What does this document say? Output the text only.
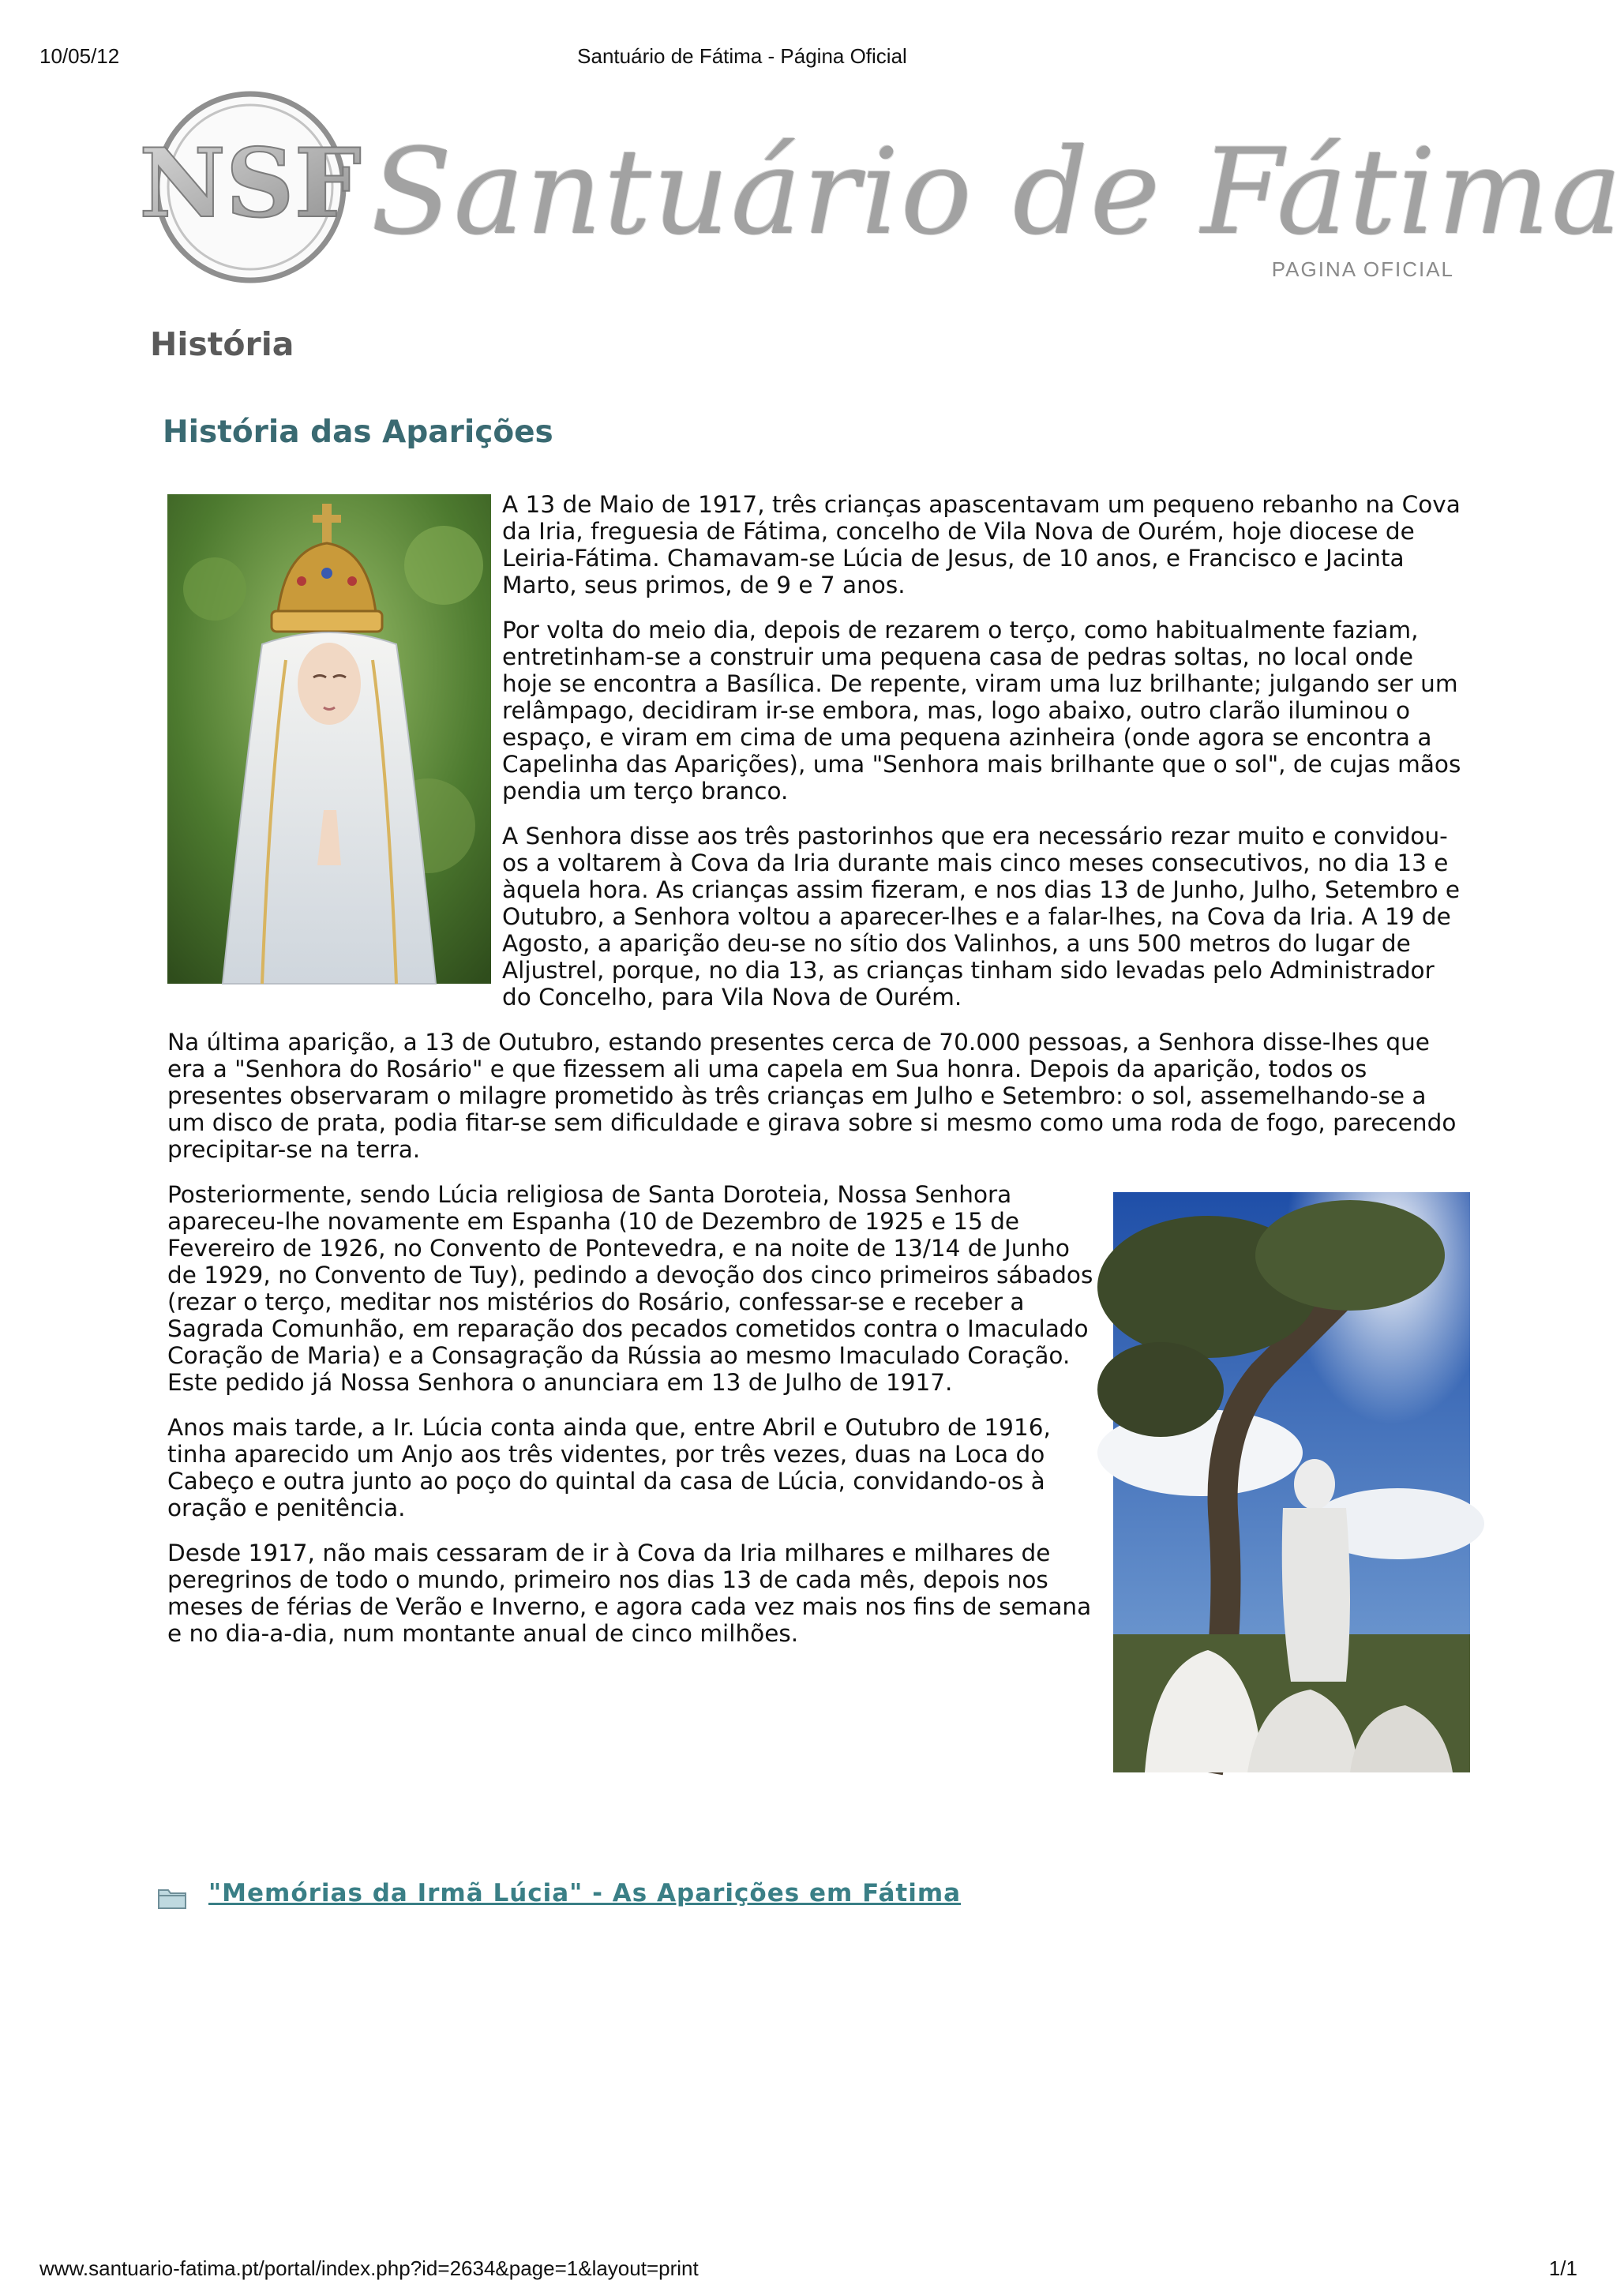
10/05/12	Santuário de Fátima - Página Oficial
NSF Santuário de Fátima
PAGINA OFICIAL
História
História das Aparições

A 13 de Maio de 1917, três crianças apascentavam um pequeno rebanho na Cova da Iria, freguesia de Fátima, concelho de Vila Nova de Ourém, hoje diocese de Leiria-Fátima. Chamavam-se Lúcia de Jesus, de 10 anos, e Francisco e Jacinta Marto, seus primos, de 9 e 7 anos.

Por volta do meio dia, depois de rezarem o terço, como habitualmente faziam, entretinham-se a construir uma pequena casa de pedras soltas, no local onde hoje se encontra a Basílica. De repente, viram uma luz brilhante; julgando ser um relâmpago, decidiram ir-se embora, mas, logo abaixo, outro clarão iluminou o espaço, e viram em cima de uma pequena azinheira (onde agora se encontra a Capelinha das Aparições), uma "Senhora mais brilhante que o sol", de cujas mãos pendia um terço branco.

A Senhora disse aos três pastorinhos que era necessário rezar muito e convidou-os a voltarem à Cova da Iria durante mais cinco meses consecutivos, no dia 13 e àquela hora. As crianças assim fizeram, e nos dias 13 de Junho, Julho, Setembro e Outubro, a Senhora voltou a aparecer-lhes e a falar-lhes, na Cova da Iria. A 19 de Agosto, a aparição deu-se no sítio dos Valinhos, a uns 500 metros do lugar de Aljustrel, porque, no dia 13, as crianças tinham sido levadas pelo Administrador do Concelho, para Vila Nova de Ourém.

Na última aparição, a 13 de Outubro, estando presentes cerca de 70.000 pessoas, a Senhora disse-lhes que era a "Senhora do Rosário" e que fizessem ali uma capela em Sua honra. Depois da aparição, todos os presentes observaram o milagre prometido às três crianças em Julho e Setembro: o sol, assemelhando-se a um disco de prata, podia fitar-se sem dificuldade e girava sobre si mesmo como uma roda de fogo, parecendo precipitar-se na terra.

Posteriormente, sendo Lúcia religiosa de Santa Doroteia, Nossa Senhora apareceu-lhe novamente em Espanha (10 de Dezembro de 1925 e 15 de Fevereiro de 1926, no Convento de Pontevedra, e na noite de 13/14 de Junho de 1929, no Convento de Tuy), pedindo a devoção dos cinco primeiros sábados (rezar o terço, meditar nos mistérios do Rosário, confessar-se e receber a Sagrada Comunhão, em reparação dos pecados cometidos contra o Imaculado Coração de Maria) e a Consagração da Rússia ao mesmo Imaculado Coração. Este pedido já Nossa Senhora o anunciara em 13 de Julho de 1917.

Anos mais tarde, a Ir. Lúcia conta ainda que, entre Abril e Outubro de 1916, tinha aparecido um Anjo aos três videntes, por três vezes, duas na Loca do Cabeço e outra junto ao poço do quintal da casa de Lúcia, convidando-os à oração e penitência.

Desde 1917, não mais cessaram de ir à Cova da Iria milhares e milhares de peregrinos de todo o mundo, primeiro nos dias 13 de cada mês, depois nos meses de férias de Verão e Inverno, e agora cada vez mais nos fins de semana e no dia-a-dia, num montante anual de cinco milhões.

"Memórias da Irmã Lúcia" - As Aparições em Fátima
www.santuario-fatima.pt/portal/index.php?id=2634&page=1&layout=print	1/1
